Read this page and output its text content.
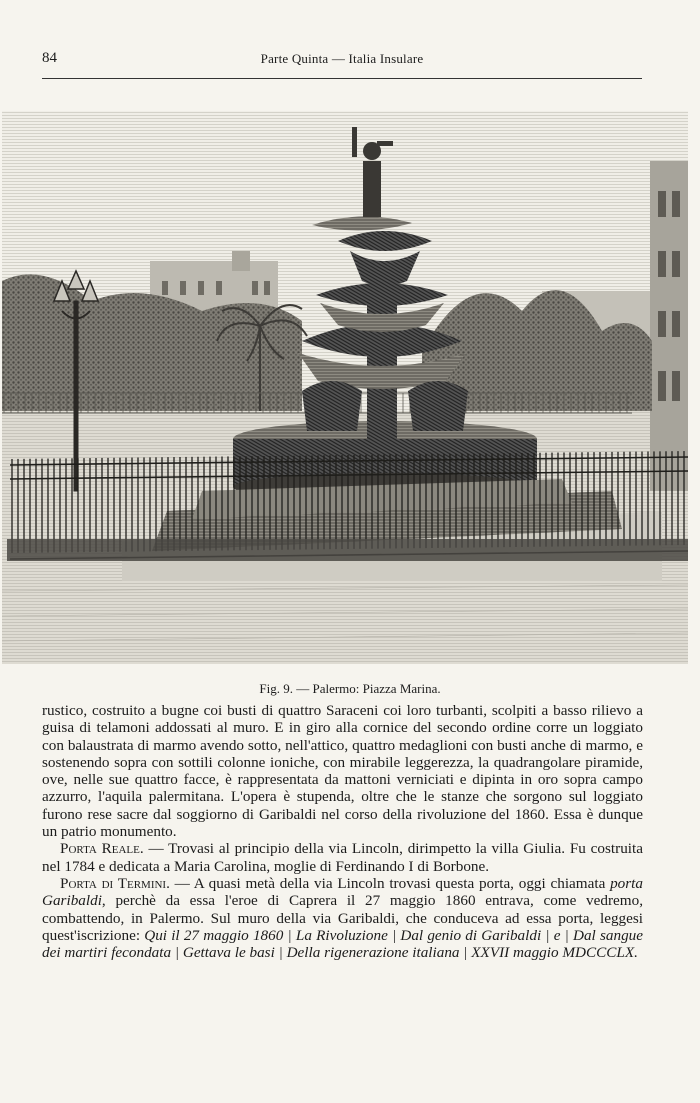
84	Parte Quinta — Italia Insulare
Fig. 9. — Palermo: Piazza Marina.

rustico, costruito a bugne coi busti di quattro Saraceni coi loro turbanti, scolpiti a basso rilievo a guisa di telamoni addossati al muro. E in giro alla cornice del secondo ordine corre un loggiato con balaustrata di marmo avendo sotto, nell'attico, quattro medaglioni con busti anche di marmo, e sostenendo sopra con sottili colonne ioniche, con mirabile leggerezza, la quadrangolare piramide, ove, nelle sue quattro facce, è rappresentata da mattoni verniciati e dipinta in oro sopra campo azzurro, l'aquila palermitana. L'opera è stupenda, oltre che le stanze che sorgono sul loggiato furono rese sacre dal soggiorno di Garibaldi nel corso della rivoluzione del 1860. Essa è dunque un patrio monumento.

Porta Reale. — Trovasi al principio della via Lincoln, dirimpetto la villa Giulia. Fu costruita nel 1784 e dedicata a Maria Carolina, moglie di Ferdinando I di Borbone.

Porta di Termini. — A quasi metà della via Lincoln trovasi questa porta, oggi chiamata porta Garibaldi, perchè da essa l'eroe di Caprera il 27 maggio 1860 entrava, come vedremo, combattendo, in Palermo. Sul muro della via Garibaldi, che conduceva ad essa porta, leggesi quest'iscrizione: Qui il 27 maggio 1860 | La Rivoluzione | Dal genio di Garibaldi | e | Dal sangue dei martiri fecondata | Gettava le basi | Della rigenerazione italiana | XXVII maggio MDCCCLX.
